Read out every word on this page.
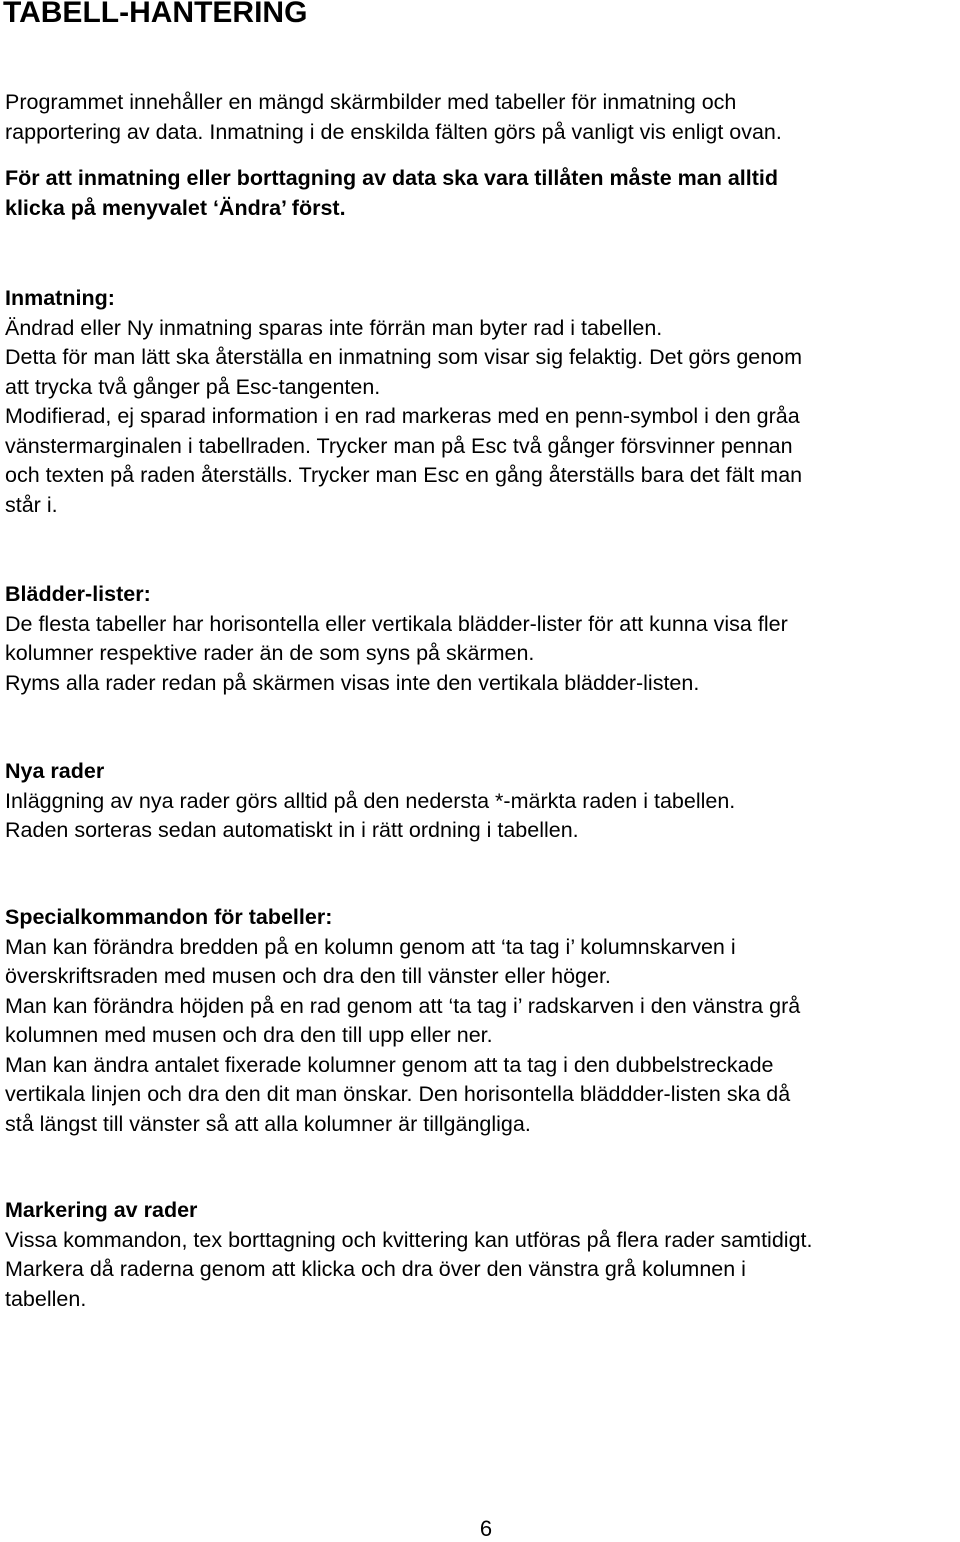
TABELL-HANTERING
Programmet innehåller en mängd skärmbilder med tabeller för inmatning och
rapportering av data. Inmatning i de enskilda fälten görs på vanligt vis enligt ovan.
För att inmatning eller borttagning av data ska vara tillåten måste man alltid
klicka på menyvalet ‘Ändra’ först.
Inmatning:
Ändrad eller Ny inmatning sparas inte förrän man byter rad i tabellen.
Detta för man lätt ska återställa en inmatning som visar sig felaktig. Det görs genom
att trycka två gånger på Esc-tangenten.
Modifierad, ej sparad information i en rad markeras med en penn-symbol i den gråa
vänstermarginalen i tabellraden. Trycker man på Esc två gånger försvinner pennan
och texten på raden återställs. Trycker man Esc en gång återställs bara det fält man
står i.
Blädder-lister:
De flesta tabeller har horisontella eller vertikala blädder-lister för att kunna visa fler
kolumner respektive rader än de som syns på skärmen.
Ryms alla rader redan på skärmen visas inte den vertikala blädder-listen.
Nya rader
Inläggning av nya rader görs alltid på den nedersta *-märkta raden i tabellen.
Raden sorteras sedan automatiskt in i rätt ordning i tabellen.
Specialkommandon för tabeller:
Man kan förändra bredden på en kolumn genom att ‘ta tag i’ kolumnskarven i
överskriftsraden med musen och dra den till vänster eller höger.
Man kan förändra höjden på en rad genom att ‘ta tag i’ radskarven i den vänstra grå
kolumnen med musen och dra den till upp eller ner.
Man kan ändra antalet fixerade kolumner genom att ta tag i den dubbelstreckade
vertikala linjen och dra den dit man önskar. Den horisontella bläddder-listen ska då
stå längst till vänster så att alla kolumner är tillgängliga.
Markering av rader
Vissa kommandon, tex borttagning och kvittering kan utföras på flera rader samtidigt.
Markera då raderna genom att klicka och dra över den vänstra grå kolumnen i
tabellen.
6
